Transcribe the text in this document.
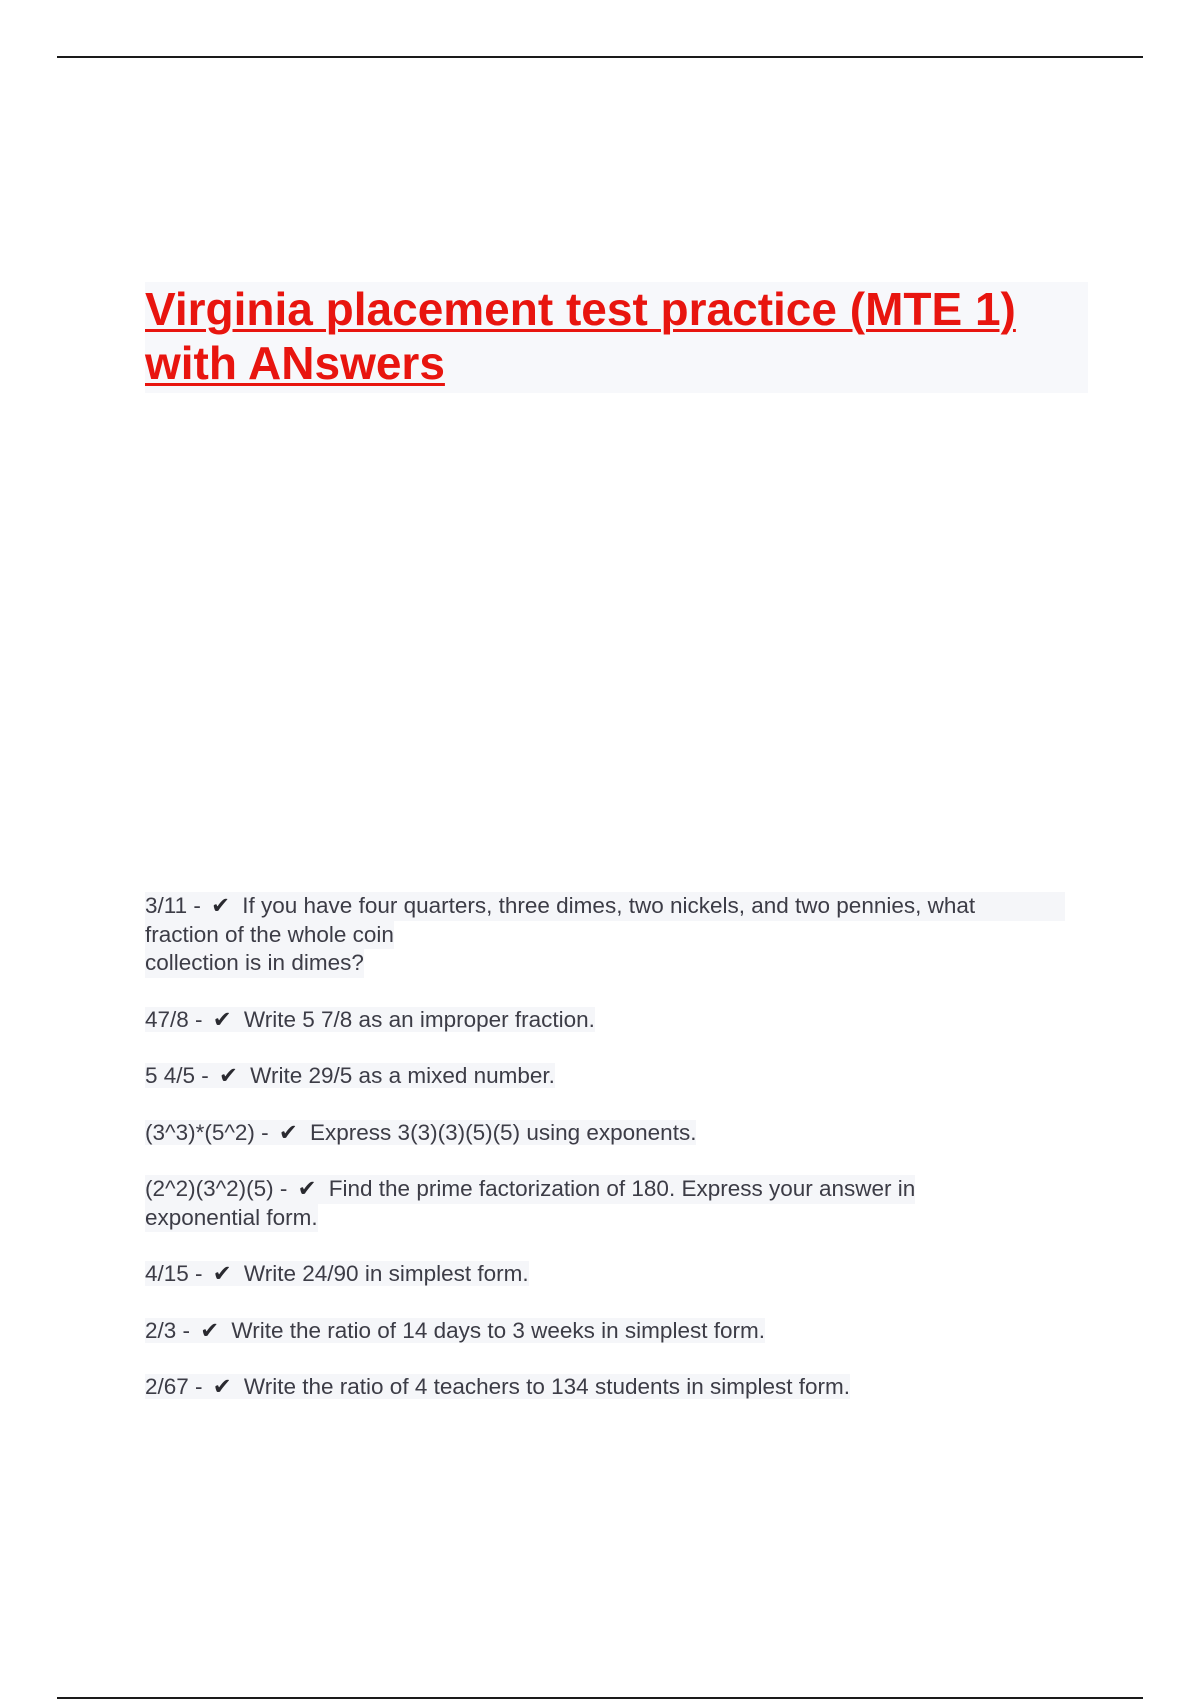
Virginia placement test practice (MTE 1)
with ANswers
3/11 - ✔ If you have four quarters, three dimes, two nickels, and two pennies, what
fraction of the whole coin
collection is in dimes?
47/8 - ✔ Write 5 7/8 as an improper fraction.
5 4/5 - ✔ Write 29/5 as a mixed number.
(3^3)*(5^2) - ✔ Express 3(3)(3)(5)(5) using exponents.
(2^2)(3^2)(5) - ✔ Find the prime factorization of 180. Express your answer in
exponential form.
4/15 - ✔ Write 24/90 in simplest form.
2/3 - ✔ Write the ratio of 14 days to 3 weeks in simplest form.
2/67 - ✔ Write the ratio of 4 teachers to 134 students in simplest form.
